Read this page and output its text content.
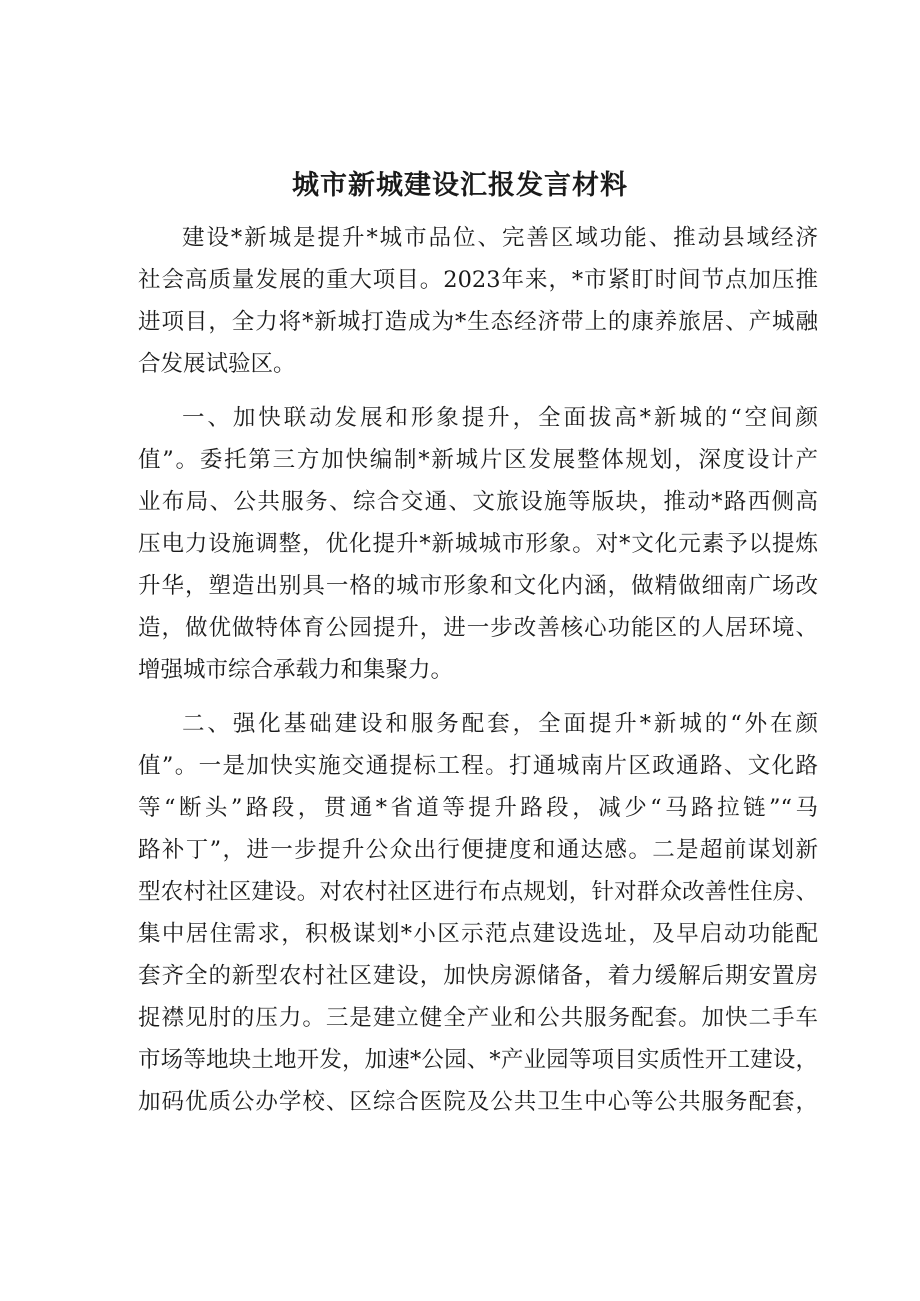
城市新城建设汇报发言材料
建设*新城是提升*城市品位、完善区域功能、推动县域经济
社会高质量发展的重大项目。2023年来，*市紧盯时间节点加压推
进项目，全力将*新城打造成为*生态经济带上的康养旅居、产城融
合发展试验区。
一、加快联动发展和形象提升，全面拔高*新城的“空间颜
值”。委托第三方加快编制*新城片区发展整体规划，深度设计产
业布局、公共服务、综合交通、文旅设施等版块，推动*路西侧高
压电力设施调整，优化提升*新城城市形象。对*文化元素予以提炼
升华，塑造出别具一格的城市形象和文化内涵，做精做细南广场改
造，做优做特体育公园提升，进一步改善核心功能区的人居环境、
增强城市综合承载力和集聚力。
二、强化基础建设和服务配套，全面提升*新城的“外在颜
值”。一是加快实施交通提标工程。打通城南片区政通路、文化路
等“断头”路段，贯通*省道等提升路段，减少“马路拉链”“马
路补丁”，进一步提升公众出行便捷度和通达感。二是超前谋划新
型农村社区建设。对农村社区进行布点规划，针对群众改善性住房、
集中居住需求，积极谋划*小区示范点建设选址，及早启动功能配
套齐全的新型农村社区建设，加快房源储备，着力缓解后期安置房
捉襟见肘的压力。三是建立健全产业和公共服务配套。加快二手车
市场等地块土地开发，加速*公园、*产业园等项目实质性开工建设，
加码优质公办学校、区综合医院及公共卫生中心等公共服务配套，
